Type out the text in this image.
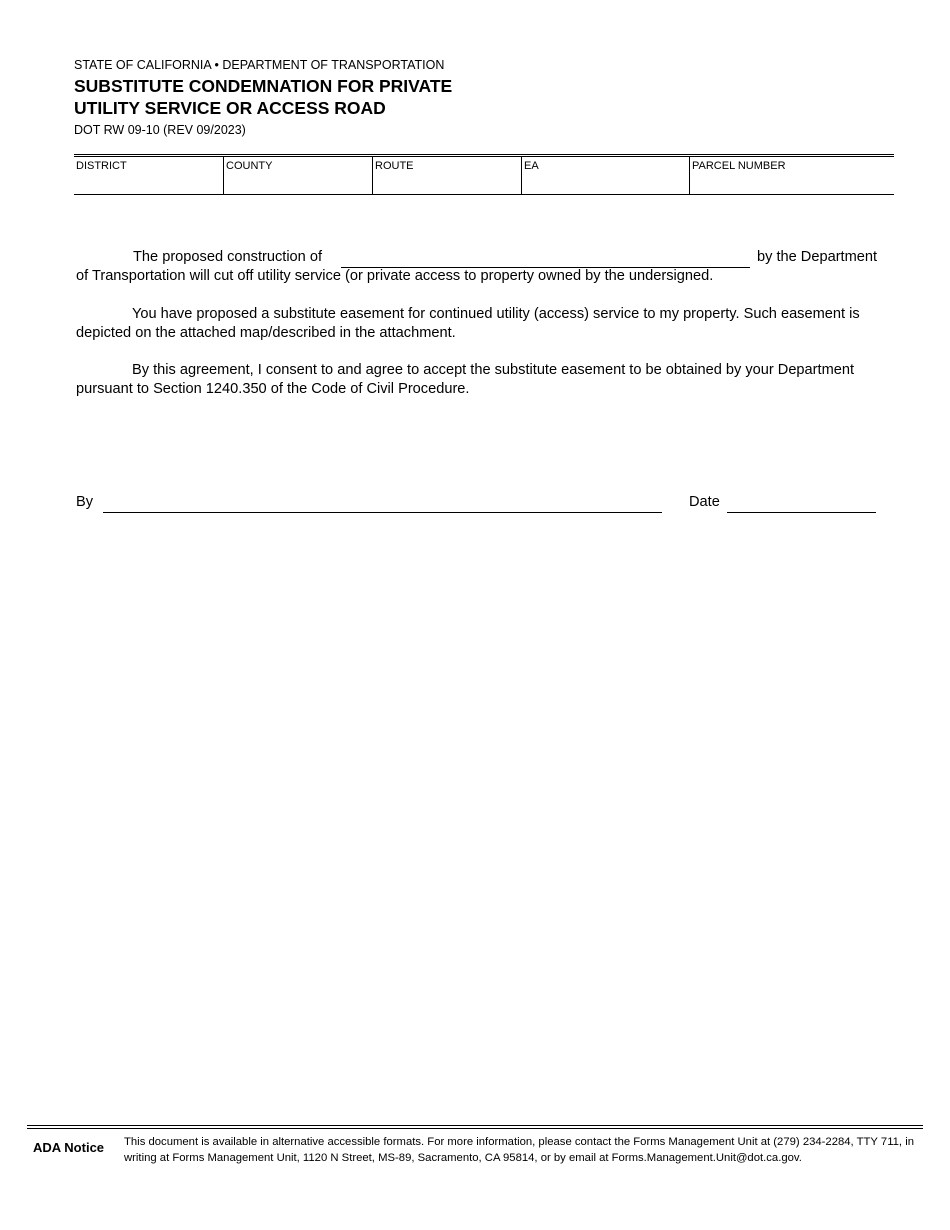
STATE OF CALIFORNIA • DEPARTMENT OF TRANSPORTATION
SUBSTITUTE CONDEMNATION FOR PRIVATE
UTILITY SERVICE OR ACCESS ROAD
DOT RW 09-10 (REV 09/2023)
DISTRICT	COUNTY	ROUTE	EA	PARCEL NUMBER
The proposed construction of	by the Department
of Transportation will cut off utility service (or private access to property owned by the undersigned.
You have proposed a substitute easement for continued utility (access) service to my property. Such easement is depicted on the attached map/described in the attachment.
By this agreement, I consent to and agree to accept the substitute easement to be obtained by your Department pursuant to Section 1240.350 of the Code of Civil Procedure.
By	Date
ADA Notice This document is available in alternative accessible formats. For more information, please contact the Forms Management Unit at (279) 234-2284, TTY 711, in writing at Forms Management Unit, 1120 N Street, MS-89, Sacramento, CA 95814, or by email at Forms.Management.Unit@dot.ca.gov.
